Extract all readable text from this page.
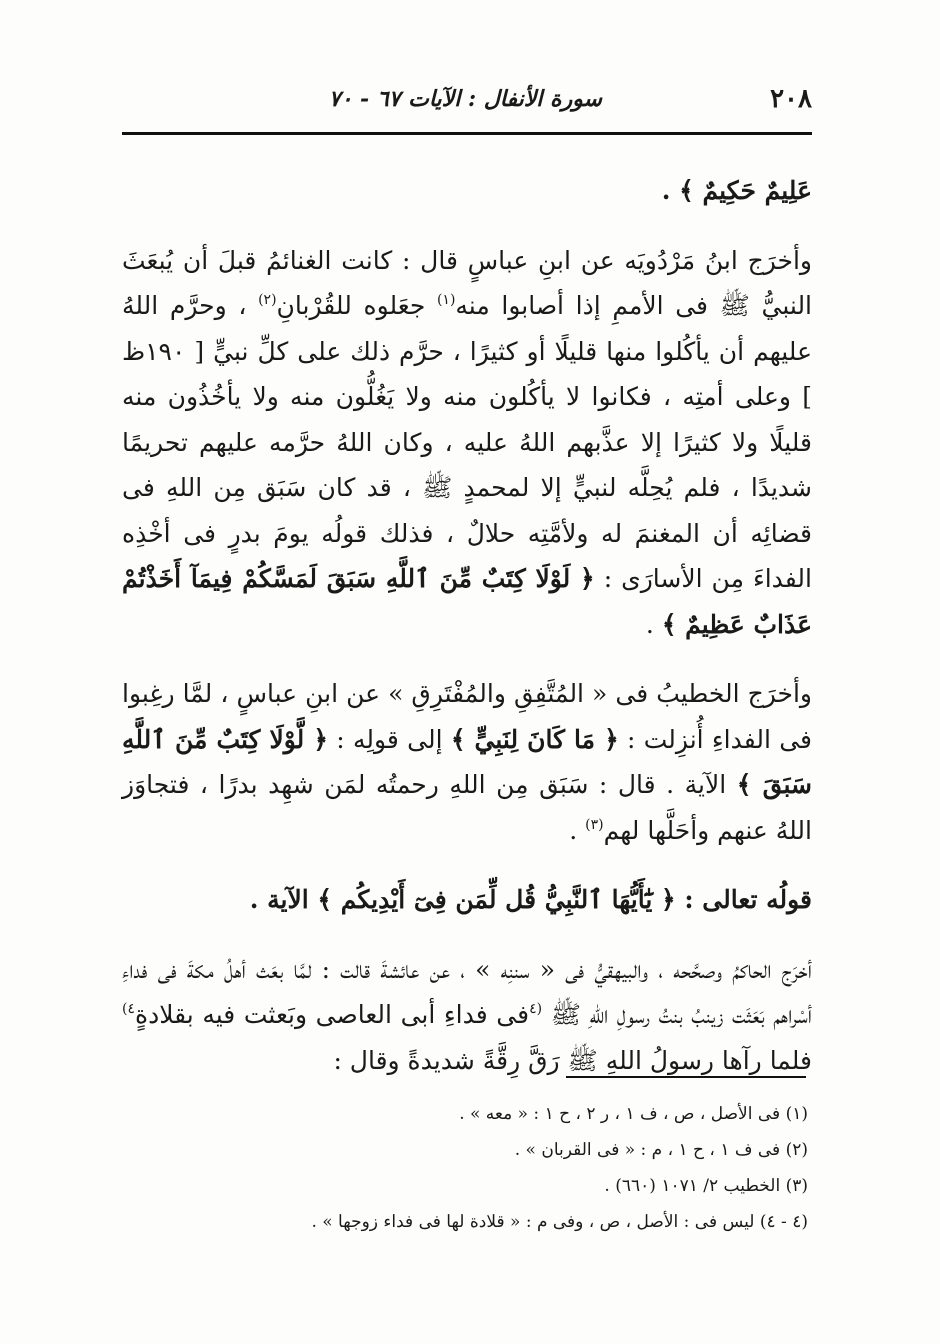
٢٠٨
سورة الأنفال : الآيات ٦٧ - ٧٠

عَلِيمٌ حَكِيمٌ ﴾ .

وأخرَج ابنُ مَرْدُويَه عن ابنِ عباسٍ قال : كانت الغنائمُ قبلَ أن يُبعَثَ النبيُّ ﷺ فى الأممِ إذا أصابوا منه$^{(١)}$ جعَلوه للقُرْبانِ$^{(٢)}$ ، وحرَّم اللهُ عليهم أن يأكُلوا منها قليلًا أو كثيرًا ، حرَّم ذلك على كلِّ نبيٍّ [ ١٩٠ظ ] وعلى أمتِه ، فكانوا لا يأكُلون منه ولا يَغُلُّون منه ولا يأخُذُون منه قليلًا ولا كثيرًا إلا عذَّبهم اللهُ عليه ، وكان اللهُ حرَّمه عليهم تحريمًا شديدًا ، فلم يُحِلَّه لنبيٍّ إلا لمحمدٍ ﷺ ، قد كان سَبَق مِن اللهِ فى قضائِه أن المغنمَ له ولأمَّتِه حلالٌ ، فذلك قولُه يومَ بدرٍ فى أخْذِه الفداءَ مِن الأسارَى : ﴿ لَوْلَا كِتَبٌ مِّنَ ٱللَّهِ سَبَقَ لَمَسَّكُمْ فِيمَآ أَخَذْتُمْ عَذَابٌ عَظِيمٌ ﴾ .

وأخرَج الخطيبُ فى « المُتَّفِقِ والمُفْتَرِقِ » عن ابنِ عباسٍ ، لمَّا رغِبوا فى الفداءِ أُنزِلت : ﴿ مَا كَانَ لِنَبِيٍّ ﴾ إلى قولِه : ﴿ لَّوْلَا كِتَبٌ مِّنَ ٱللَّهِ سَبَقَ ﴾ الآية . قال : سَبَق مِن اللهِ رحمتُه لمَن شهِد بدرًا ، فتجاوَز اللهُ عنهم وأحَلَّها لهم$^{(٣)}$ .

قولُه تعالى : ﴿ يَٰٓأَيُّهَا ٱلنَّبِيُّ قُل لِّمَن فِىٓ أَيْدِيكُم ﴾ الآية .

أخرَج الحاكمُ وصحَّحه ، والبيهقيُّ فى « سننِه » ، عن عائشةَ قالت : لمَّا بعَث أهلُ مكةَ فى فداءِ أسْراهم بَعَثَت زينبُ بنتُ رسولِ اللهِ ﷺ $^{(٤}$فى فداءِ أبى العاصى وبَعثت فيه بقلادةٍ$^{٤)}$ فلما رآها رسولُ اللهِ ﷺ رَقَّ رِقَّةً شديدةً وقال :

(١) فى الأصل ، ص ، ف ١ ، ر ٢ ، ح ١ : « معه » .
(٢) فى ف ١ ، ح ١ ، م : « فى القربان » .
(٣) الخطيب ٢/ ١٠٧١ (٦٦٠) .
(٤ - ٤) ليس فى : الأصل ، ص ، وفى م : « قلادة لها فى فداء زوجها » .
